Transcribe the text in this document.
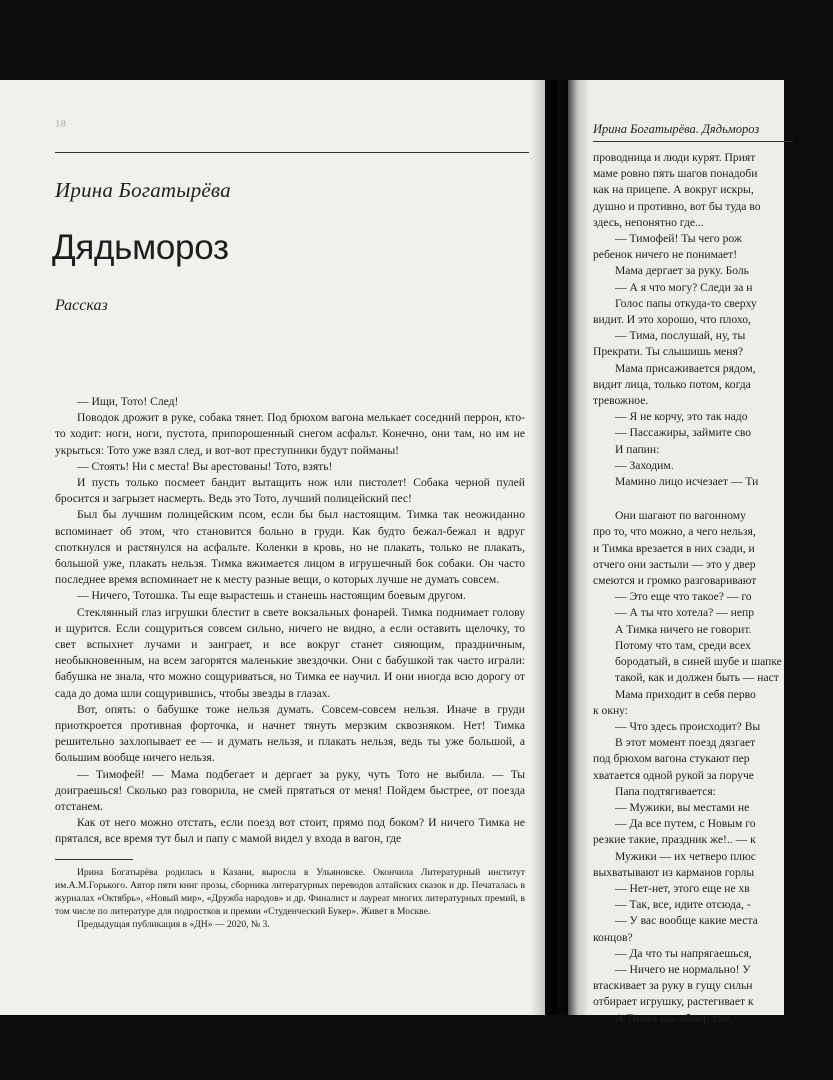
18
Ирина Богатырёва
Дядьмороз
Рассказ

— Ищи, Тото! След!

Поводок дрожит в руке, собака тянет. Под брюхом вагона мелькает соседний перрон, кто-то ходит: ноги, ноги, пустота, припорошенный снегом асфальт. Конечно, они там, но им не укрыться: Тото уже взял след, и вот-вот преступники будут пойманы!

— Стоять! Ни с места! Вы арестованы! Тото, взять!

И пусть только посмеет бандит вытащить нож или пистолет! Собака черной пулей бросится и загрызет насмерть. Ведь это Тото, лучший полицейский пес!

Был бы лучшим полицейским псом, если бы был настоящим. Тимка так неожиданно вспоминает об этом, что становится больно в груди. Как будто бежал-бежал и вдруг споткнулся и растянулся на асфальте. Коленки в кровь, но не плакать, только не плакать, большой уже, плакать нельзя. Тимка вжимается лицом в игрушечный бок собаки. Он часто последнее время вспоминает не к месту разные вещи, о которых лучше не думать совсем.

— Ничего, Тотошка. Ты еще вырастешь и станешь настоящим боевым другом.

Стеклянный глаз игрушки блестит в свете вокзальных фонарей. Тимка поднимает голову и щурится. Если сощуриться совсем сильно, ничего не видно, а если оставить щелочку, то свет вспыхнет лучами и заиграет, и все вокруг станет сияющим, праздничным, необыкновенным, на всем загорятся маленькие звездочки. Они с бабушкой так часто играли: бабушка не знала, что можно сощуриваться, но Тимка ее научил. И они иногда всю дорогу от сада до дома шли сощурившись, чтобы звезды в глазах.

Вот, опять: о бабушке тоже нельзя думать. Совсем-совсем нельзя. Иначе в груди приоткроется противная форточка, и начнет тянуть мерзким сквозняком. Нет! Тимка решительно захлопывает ее — и думать нельзя, и плакать нельзя, ведь ты уже большой, а большим вообще ничего нельзя.

— Тимофей! — Мама подбегает и дергает за руку, чуть Тото не выбила. — Ты доиграешься! Сколько раз говорила, не смей прятаться от меня! Пойдем быстрее, от поезда отстанем.

Как от него можно отстать, если поезд вот стоит, прямо под боком? И ничего Тимка не прятался, все время тут был и папу с мамой видел у входа в вагон, где

Ирина Богатырёва родилась в Казани, выросла в Ульяновске. Окончила Литературный институт им.А.М.Горького. Автор пяти книг прозы, сборника литературных переводов алтайских сказок и др. Печаталась в журналах «Октябрь», «Новый мир», «Дружба народов» и др. Финалист и лауреат многих литературных премий, в том числе по литературе для подростков и премии «Студенческий Букер». Живет в Москве.

Предыдущая публикация в «ДН» — 2020, № 3.

Ирина Богатырёва. Дядьмороз

проводница и люди курят. Прият

маме ровно пять шагов понадоби

как на прицепе. А вокруг искры,

душно и противно, вот бы туда во

здесь, непонятно где...

— Тимофей! Ты чего рож

ребенок ничего не понимает!

Мама дергает за руку. Боль

— А я что могу? Следи за н

Голос папы откуда-то сверху

видит. И это хорошо, что плохо,

— Тима, послушай, ну, ты

Прекрати. Ты слышишь меня?

Мама присаживается рядом,

видит лица, только потом, когда

тревожное.

— Я не корчу, это так надо

— Пассажиры, займите сво

И папин:

— Заходим.

Мамино лицо исчезает — Ти

Они шагают по вагонному

про то, что можно, а чего нельзя,

и Тимка врезается в них сзади, и

отчего они застыли — это у двер

смеются и громко разговаривают

— Это еще что такое? — го

— А ты что хотела? — непр

А Тимка ничего не говорит.

Потому что там, среди всех

бородатый, в синей шубе и шапке

такой, как и должен быть — наст

Мама приходит в себя перво

к окну:

— Что здесь происходит? Вы

В этот момент поезд дязгает

под брюхом вагона стукают пер

хватается одной рукой за поруче

Папа подтягивается:

— Мужики, вы местами не

— Да все путем, с Новым го

резкие такие, праздник же!.. — к

Мужики — их четверо плюс

выхватывают из карманов горлы

— Нет-нет, этого еще не хв

— Так, все, идите отсюда, -

— У вас вообще какие места

концов?

— Да что ты напрягаешься,

— Ничего не нормально! У

втаскивает за руку в гущу сильн

отбирает игрушку, растегивает к

А Тимка как обмер там,
